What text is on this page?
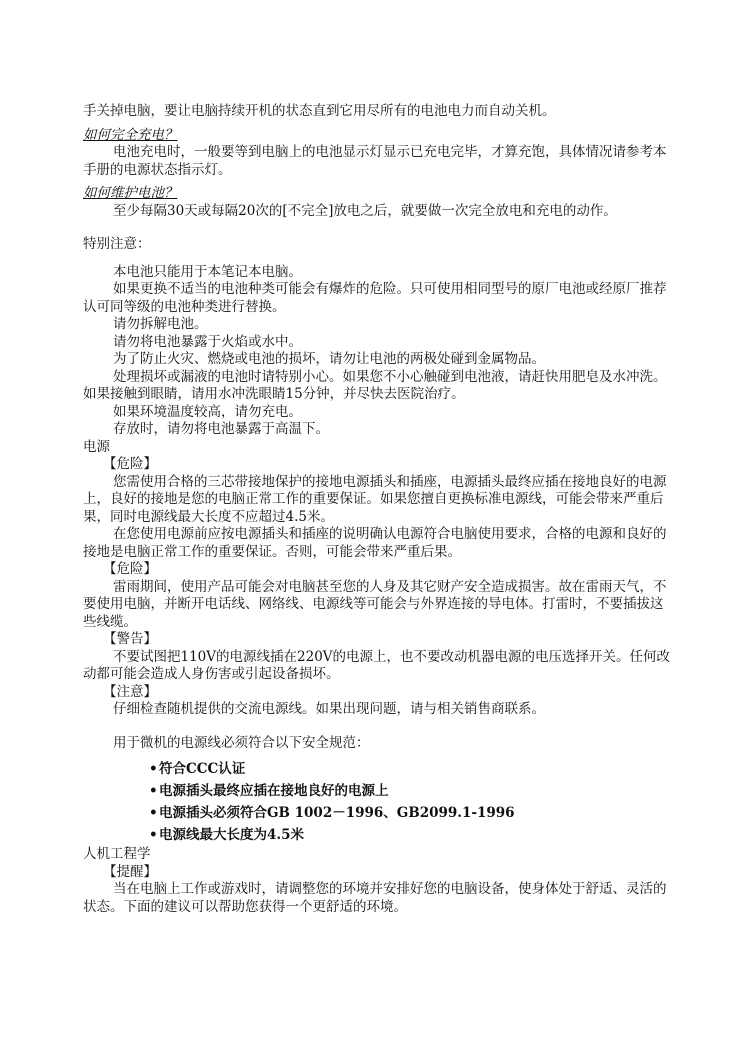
手关掉电脑，要让电脑持续开机的状态直到它用尽所有的电池电力而自动关机。

如何完全充电？

电池充电时，一般要等到电脑上的电池显示灯显示已充电完毕，才算充饱，具体情况请参考本手册的电源状态指示灯。

如何维护电池？

至少每隔30天或每隔20次的[不完全]放电之后，就要做一次完全放电和充电的动作。

特别注意：

本电池只能用于本笔记本电脑。

如果更换不适当的电池种类可能会有爆炸的危险。只可使用相同型号的原厂电池或经原厂推荐认可同等级的电池种类进行替换。

请勿拆解电池。

请勿将电池暴露于火焰或水中。

为了防止火灾、燃烧或电池的损坏，请勿让电池的两极处碰到金属物品。

处理损坏或漏液的电池时请特别小心。如果您不小心触碰到电池液，请赶快用肥皂及水冲洗。如果接触到眼睛，请用水冲洗眼睛15分钟，并尽快去医院治疗。

如果环境温度较高，请勿充电。

存放时，请勿将电池暴露于高温下。

电源

【危险】

您需使用合格的三芯带接地保护的接地电源插头和插座，电源插头最终应插在接地良好的电源上，良好的接地是您的电脑正常工作的重要保证。如果您擅自更换标准电源线，可能会带来严重后果，同时电源线最大长度不应超过4.5米。

在您使用电源前应按电源插头和插座的说明确认电源符合电脑使用要求，合格的电源和良好的接地是电脑正常工作的重要保证。否则，可能会带来严重后果。

【危险】

雷雨期间，使用产品可能会对电脑甚至您的人身及其它财产安全造成损害。故在雷雨天气，不要使用电脑，并断开电话线、网络线、电源线等可能会与外界连接的导电体。打雷时，不要插拔这些线缆。

【警告】

不要试图把110V的电源线插在220V的电源上，也不要改动机器电源的电压选择开关。任何改动都可能会造成人身伤害或引起设备损坏。

【注意】

仔细检查随机提供的交流电源线。如果出现问题，请与相关销售商联系。

用于微机的电源线必须符合以下安全规范：

•符合CCC认证
•电源插头最终应插在接地良好的电源上
•电源插头必须符合GB 1002－1996、GB2099.1-1996
•电源线最大长度为4.5米

人机工程学

【提醒】

当在电脑上工作或游戏时，请调整您的环境并安排好您的电脑设备，使身体处于舒适、灵活的状态。下面的建议可以帮助您获得一个更舒适的环境。
